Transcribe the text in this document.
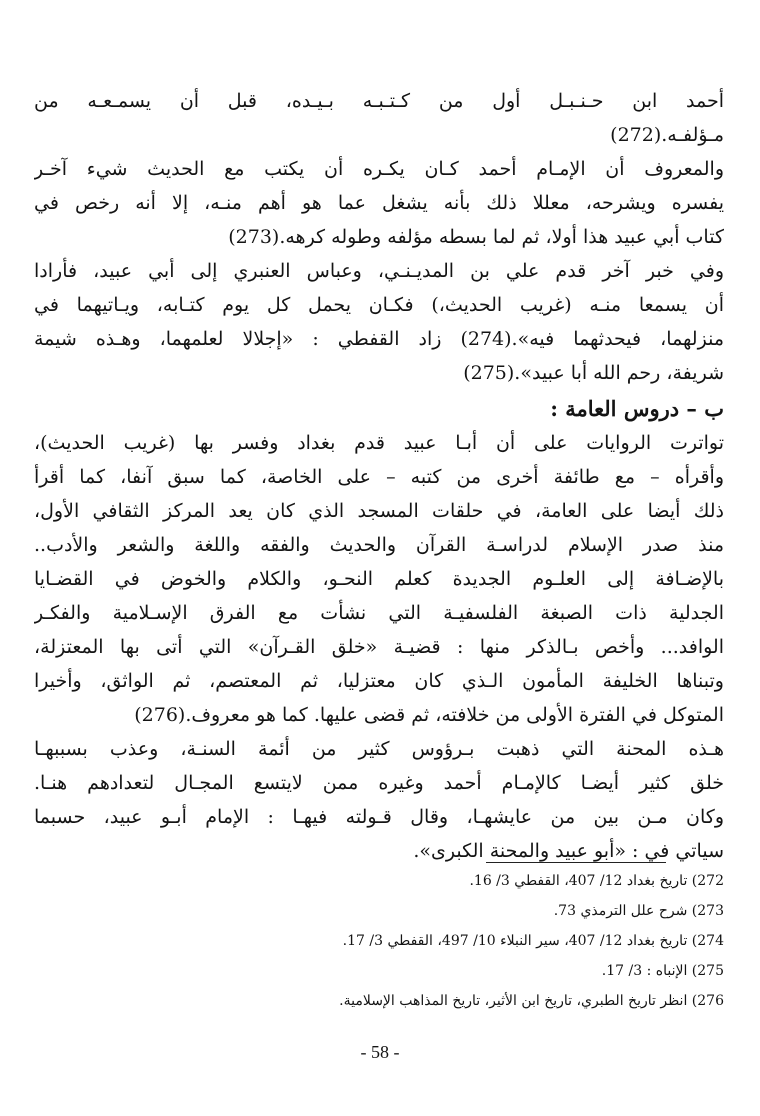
أحمد ابن حـنـبـل أول من كـتـبـه بـيـده، قبل أن يسمـعـه من
مـؤلفـه.(272)
والمعروف أن الإمـام أحمد كـان يكـره أن يكتب مع الحديث شيء آخـر
يفسره ويشرحه، معللا ذلك بأنه يشغل عما هو أهم منـه، إلا أنه رخص في
كتاب أبي عبيد هذا أولا، ثم لما بسطه مؤلفه وطوله كرهه.(273)
وفي خبر آخر قدم علي بن المديـنـي، وعباس العنبري إلى أبي عبيد، فأرادا
أن يسمعا منـه (غريب الحديث،) فكـان يحمل كل يوم كتـابه، ويـاتيهما في
منزلهما، فيحدثهما فيه».(274) زاد القفطي : «إجلالا لعلمهما، وهـذه شيمة
شريفة، رحم الله أبا عبيد».(275)
ب – دروس العامة :
تواترت الروايات على أن أبـا عبيد قدم بغداد وفسر بها (غريب الحديث)،
وأقرأه – مع طائفة أخرى من كتبه – على الخاصة، كما سبق آنفا، كما أقرأ
ذلك أيضا على العامة، في حلقات المسجد الذي كان يعد المركز الثقافي الأول،
منذ صدر الإسلام لدراسـة القرآن والحديث والفقه واللغة والشعر والأدب..
بالإضـافة إلى العلـوم الجديدة كعلم النحـو، والكلام والخوض في القضـايا
الجدلية ذات الصبغة الفلسفيـة التي نشأت مع الفرق الإسـلامية والفكـر
الوافد... وأخص بـالذكر منها : قضيـة «خلق القـرآن» التي أتى بها المعتزلة،
وتبناها الخليفة المأمون الـذي كان معتزليا، ثم المعتصم، ثم الواثق، وأخيرا
المتوكل في الفترة الأولى من خلافته، ثم قضى عليها. كما هو معروف.(276)
هـذه المحنة التي ذهبت بـرؤوس كثير من أئمة السنـة، وعذب بسببهـا
خلق كثير أيضـا كالإمـام أحمد وغيره ممن لايتسع المجـال لتعدادهم هنـا.
وكان مـن بين من عايشهـا، وقال قـولته فيهـا : الإمام أبـو عبيد، حسبما
سياتي في : «أبو عبيد والمحنة الكبرى».
272) تاريخ بغداد 12/ 407، القفطي 3/ 16.
273) شرح علل الترمذي 73.
274) تاريخ بغداد 12/ 407، سير النبلاء 10/ 497، القفطي 3/ 17.
275) الإنباه : 3/ 17.
276) انظر تاريخ الطبري، تاريخ ابن الأثير، تاريخ المذاهب الإسلامية.
- 58 -
